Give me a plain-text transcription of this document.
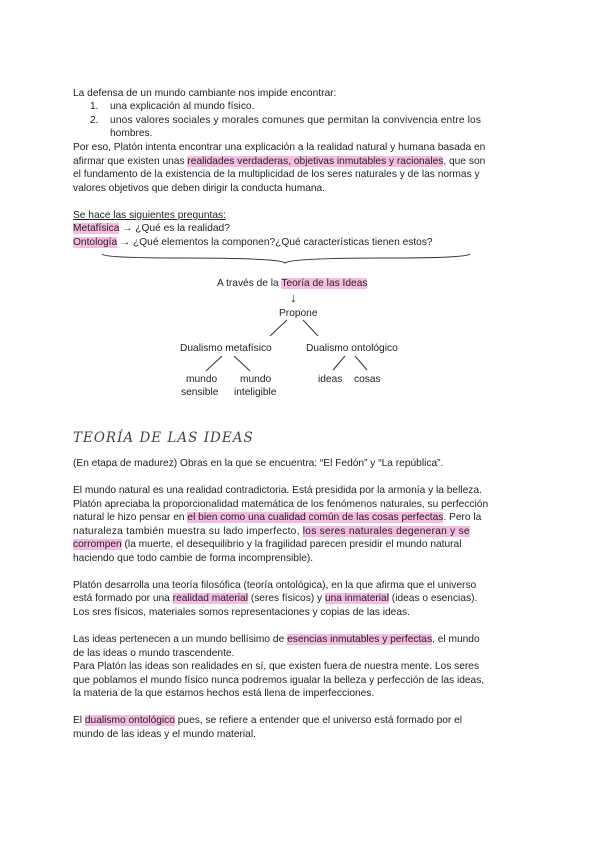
La defensa de un mundo cambiante nos impide encontrar:
1. una explicación al mundo físico.
2. unos valores sociales y morales comunes que permitan la convivencia entre los
hombres.
Por eso, Platón intenta encontrar una explicación a la realidad natural y humana basada en
afirmar que existen unas realidades verdaderas, objetivas inmutables y racionales, que son
el fundamento de la existencia de la multiplicidad de los seres naturales y de las normas y
valores objetivos que deben dirigir la conducta humana.
Se hace las siguientes preguntas:
Metafísica → ¿Qué es la realidad?
Ontología → ¿Qué elementos la componen?¿Qué características tienen estos?
A través de la Teoría de las Ideas
↓
Propone
Dualismo metafísico	Dualismo ontológico
mundo
sensible
mundo
inteligible
ideas cosas
TEORÍA DE LAS IDEAS
(En etapa de madurez) Obras en la que se encuentra: “El Fedón” y “La república”.
El mundo natural es una realidad contradictoria. Está presidida por la armonía y la belleza.
Platón apreciaba la proporcionalidad matemática de los fenómenos naturales, su perfección
natural le hizo pensar en el bien como una cualidad común de las cosas perfectas. Pero la
naturaleza también muestra su lado imperfecto, los seres naturales degeneran y se
corrompen (la muerte, el desequilibrio y la fragilidad parecen presidir el mundo natural
haciendo que todo cambie de forma incomprensible).
Platón desarrolla una teoría filosófica (teoría ontológica), en la que afirma que el universo
está formado por una realidad material (seres físicos) y una inmaterial (ideas o esencias).
Los sres físicos, materiales somos representaciones y copias de las ideas.
Las ideas pertenecen a un mundo bellísimo de esencias inmutables y perfectas, el mundo
de las ideas o mundo trascendente.
Para Platón las ideas son realidades en sí, que existen fuera de nuestra mente. Los seres
que poblamos el mundo físico nunca podremos igualar la belleza y perfección de las ideas,
la materia de la que estamos hechos está llena de imperfecciones.
El dualismo ontológico pues, se refiere a entender que el universo está formado por el
mundo de las ideas y el mundo material.
